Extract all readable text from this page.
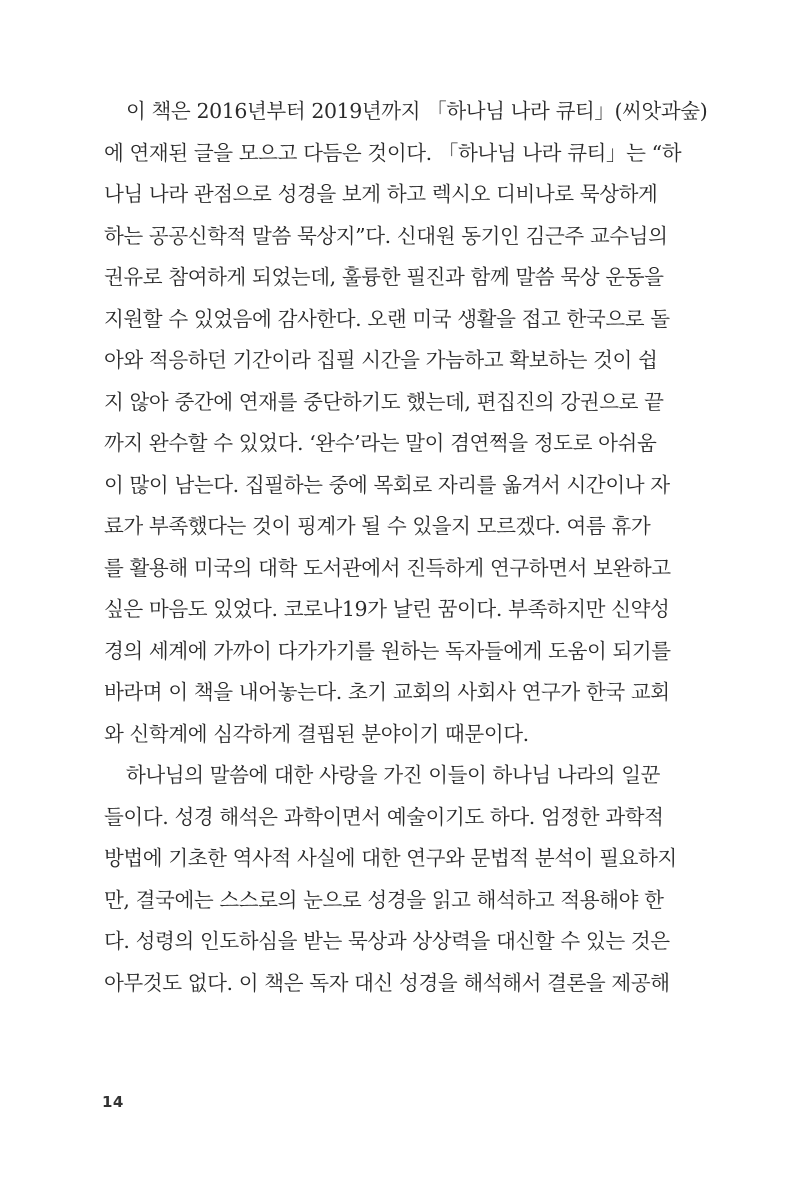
이 책은 2016년부터 2019년까지 「하나님 나라 큐티」(씨앗과숲)
에 연재된 글을 모으고 다듬은 것이다. 「하나님 나라 큐티」는 “하
나님 나라 관점으로 성경을 보게 하고 렉시오 디비나로 묵상하게
하는 공공신학적 말씀 묵상지”다. 신대원 동기인 김근주 교수님의
권유로 참여하게 되었는데, 훌륭한 필진과 함께 말씀 묵상 운동을
지원할 수 있었음에 감사한다. 오랜 미국 생활을 접고 한국으로 돌
아와 적응하던 기간이라 집필 시간을 가늠하고 확보하는 것이 쉽
지 않아 중간에 연재를 중단하기도 했는데, 편집진의 강권으로 끝
까지 완수할 수 있었다. ‘완수’라는 말이 겸연쩍을 정도로 아쉬움
이 많이 남는다. 집필하는 중에 목회로 자리를 옮겨서 시간이나 자
료가 부족했다는 것이 핑계가 될 수 있을지 모르겠다. 여름 휴가
를 활용해 미국의 대학 도서관에서 진득하게 연구하면서 보완하고
싶은 마음도 있었다. 코로나19가 날린 꿈이다. 부족하지만 신약성
경의 세계에 가까이 다가가기를 원하는 독자들에게 도움이 되기를
바라며 이 책을 내어놓는다. 초기 교회의 사회사 연구가 한국 교회
와 신학계에 심각하게 결핍된 분야이기 때문이다.
하나님의 말씀에 대한 사랑을 가진 이들이 하나님 나라의 일꾼
들이다. 성경 해석은 과학이면서 예술이기도 하다. 엄정한 과학적
방법에 기초한 역사적 사실에 대한 연구와 문법적 분석이 필요하지
만, 결국에는 스스로의 눈으로 성경을 읽고 해석하고 적용해야 한
다. 성령의 인도하심을 받는 묵상과 상상력을 대신할 수 있는 것은
아무것도 없다. 이 책은 독자 대신 성경을 해석해서 결론을 제공해
14
